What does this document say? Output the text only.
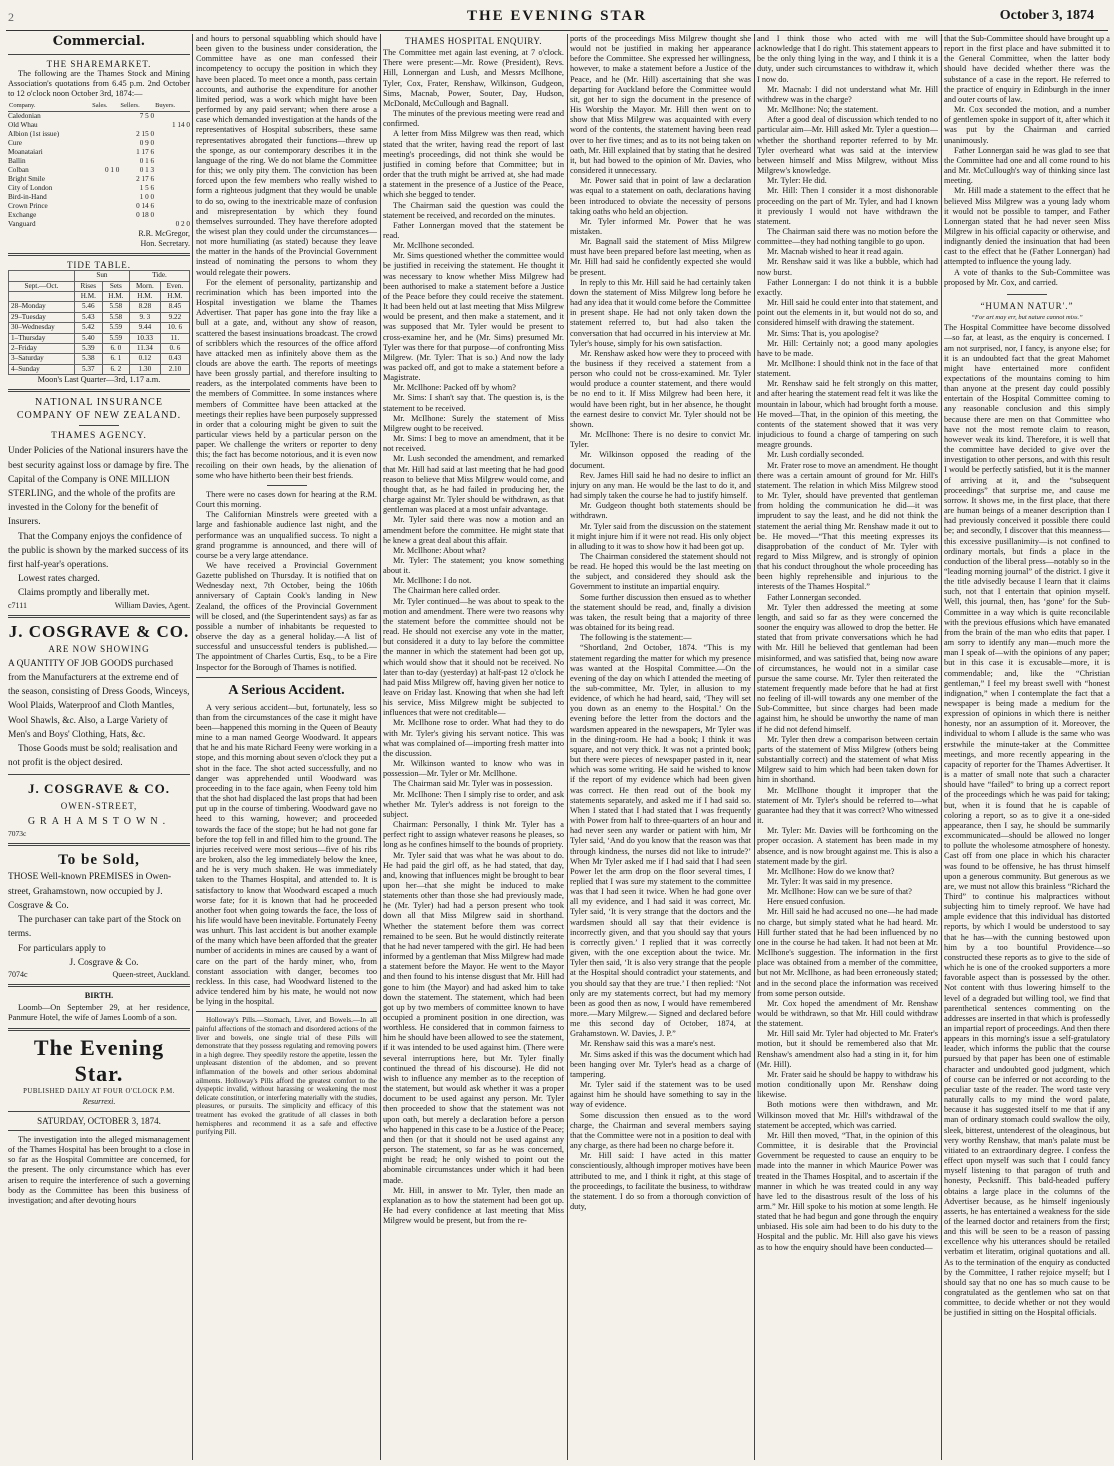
2	THE EVENING STAR	October 3, 1874
Commercial.
THE SHAREMARKET.

The following are the Thames Stock and Mining Association's quotations from 6.45 p.m. 2nd October to 12 o'clock noon October 3rd, 1874:—

Company.	Sales.	Sellers.	Buyers.
Caledonian		7 5 0	
Old Whau			1 14 0
Albion (1st issue)		2 15 0	
Cure		0 9 0	
Moanataiari		1 17 6	
Ballin		0 1 6	
Colban	0 1 0	0 1 3	
Bright Smile		2 17 6	
City of London		1 5 6	
Bird-in-Hand		1 0 0	
Crown Prince		0 14 6	
Exchange		0 18 0	
Vanguard			0 2 0
R.R. McGregor,
Hon. Secretary.
TIDE TABLE.
	Sun		Tide.	
Sept.—Oct.	Rises	Sets	Morn.	Even.
	H.M.	H.M.	H.M.	H.M.
28–Monday	5.46	5.58	8.28	8.45
29–Tuesday	5.43	5.58	9. 3	9.22
30–Wednesday	5.42	5.59	9.44	10. 6
1–Thursday	5.40	5.59	10.33	11.
2–Friday	5.39	6. 0	11.34	0. 6
3–Saturday	5.38	6. 1	0.12	0.43
4–Sunday	5.37	6. 2	1.30	2.10
Moon's Last Quarter—3rd, 1.17 a.m.
NATIONAL INSURANCE COMPANY OF NEW ZEALAND.
THAMES AGENCY.

Under Policies of the National insurers have the best security against loss or damage by fire. The Capital of the Company is ONE MILLION STERLING, and the whole of the profits are invested in the Colony for the benefit of Insurers.

That the Company enjoys the confidence of the public is shown by the marked success of its first half-year's operations.

Lowest rates charged.

Claims promptly and liberally met.

c7111	William Davies, Agent.
J. COSGRAVE & CO.
ARE NOW SHOWING

A QUANTITY OF JOB GOODS purchased from the Manufacturers at the extreme end of the season, consisting of Dress Goods, Winceys, Wool Plaids, Waterproof and Cloth Mantles, Wool Shawls, &c. Also, a Large Variety of Men's and Boys' Clothing, Hats, &c.

Those Goods must be sold; realisation and not profit is the object desired.

J. COSGRAVE & CO.
OWEN-STREET,
GRAHAMSTOWN.
7073c
To be Sold,

THOSE Well-known PREMISES in Owen-street, Grahamstown, now occupied by J. Cosgrave & Co.

The purchaser can take part of the Stock on terms.

For particulars apply to

J. Cosgrave & Co.

7074c	Queen-street, Auckland.
BIRTH.

Loomb—On September 29, at her residence, Panmure Hotel, the wife of James Loomb of a son.

The Evening Star.
PUBLISHED DAILY AT FOUR O'CLOCK P.M.
Resurrexi.
SATURDAY, OCTOBER 3, 1874.

The investigation into the alleged mismanagement of the Thames Hospital has been brought to a close in so far as the Hospital Committee are concerned, for the present. The only circumstance which has ever arisen to require the interference of such a governing body as the Committee has been this business of investigation; and after devoting hours

and hours to personal squabbling which should have been given to the business under consideration, the Committee have as one man confessed their incompetency to occupy the position in which they have been placed. To meet once a month, pass certain accounts, and authorise the expenditure for another limited period, was a work which might have been performed by any paid servant; when there arose a case which demanded investigation at the hands of the representatives of Hospital subscribers, these same representatives abrogated their functions—threw up the sponge, as our contemporary describes it in the language of the ring. We do not blame the Committee for this; we only pity them. The conviction has been forced upon the few members who really wished to form a righteous judgment that they would be unable to do so, owing to the inextricable maze of confusion and misrepresentation by which they found themselves surrounded. They have therefore adopted the wisest plan they could under the circumstances—not more humiliating (as stated) because they leave the matter in the hands of the Provincial Government instead of nominating the persons to whom they would relegate their powers.

For the element of personality, partizanship and recrimination which has been imported into the Hospital investigation we blame the Thames Advertiser. That paper has gone into the fray like a bull at a gate, and, without any show of reason, scattered the basest insinuations broadcast. The crowd of scribblers which the resources of the office afford have attacked men as infinitely above them as the clouds are above the earth. The reports of meetings have been grossly partial, and therefore insulting to readers, as the interpolated comments have been to the members of Committee. In some instances where members of Committee have been attacked at the meetings their replies have been purposely suppressed in order that a colouring might be given to suit the particular views held by a particular person on the paper. We challenge the writers or reporter to deny this; the fact has become notorious, and it is even now recoiling on their own heads, by the alienation of some who have hitherto been their best friends.

There were no cases down for hearing at the R.M. Court this morning.

The Californian Minstrels were greeted with a large and fashionable audience last night, and the performance was an unqualified success. To night a grand programme is announced, and there will of course be a very large attendance.

We have received a Provincial Government Gazette published on Thursday. It is notified that on Wednesday next, 7th October, being the 106th anniversary of Captain Cook's landing in New Zealand, the offices of the Provincial Government will be closed, and (the Superintendent says) as far as possible a number of inhabitants be requested to observe the day as a general holiday.—A list of successful and unsuccessful tenders is published.—The appointment of Charles Curtis, Esq., to be a Fire Inspector for the Borough of Thames is notified.

A Serious Accident.

A very serious accident—but, fortunately, less so than from the circumstances of the case it might have been—happened this morning in the Queen of Beauty mine to a man named George Woodward. It appears that he and his mate Richard Feeny were working in a stope, and this morning about seven o'clock they put a shot in the face. The shot acted successfully, and no danger was apprehended until Woodward was proceeding in to the face again, when Feeny told him that the shot had displaced the last props that had been put up in the course of timbering. Woodward gave no heed to this warning, however; and proceeded towards the face of the stope; but he had not gone far before the top fell in and filled him to the ground. The injuries received were most serious—five of his ribs are broken, also the leg immediately below the knee, and he is very much shaken. He was immediately taken to the Thames Hospital, and attended to. It is satisfactory to know that Woodward escaped a much worse fate; for it is known that had he proceeded another foot when going towards the face, the loss of his life would have been inevitable. Fortunately Feeny was unhurt. This last accident is but another example of the many which have been afforded that the greater number of accidents in mines are caused by a want of care on the part of the hardy miner, who, from constant association with danger, becomes too reckless. In this case, had Woodward listened to the advice tendered him by his mate, he would not now be lying in the hospital.

Holloway's Pills.—Stomach, Liver, and Bowels.—In all painful affections of the stomach and disordered actions of the liver and bowels, one single trial of these Pills will demonstrate that they possess regulating and removing powers in a high degree. They speedily restore the appetite, lessen the unpleasant distention of the abdomen, and so prevent inflammation of the bowels and other serious abdominal ailments. Holloway's Pills afford the greatest comfort to the dyspeptic invalid, without harassing or weakening the most delicate constitution, or interfering materially with the studies, pleasures, or pursuits. The simplicity and efficacy of this treatment has evoked the gratitude of all classes in both hemispheres and recommend it as a safe and effective purifying Pill.

THAMES HOSPITAL ENQUIRY.

The Committee met again last evening, at 7 o'clock. There were present:—Mr. Rowe (President), Revs. Hill, Lonnergan and Lush, and Messrs McIlhone, Tyler, Cox, Frater, Renshaw, Wilkinson, Gudgeon, Sims, Macnab, Power, Souter, Day, Hudson, McDonald, McCullough and Bagnall.

The minutes of the previous meeting were read and confirmed.

A letter from Miss Milgrew was then read, which stated that the writer, having read the report of last meeting's proceedings, did not think she would be justified in coming before that Committee; but in order that the truth might be arrived at, she had made a statement in the presence of a Justice of the Peace, which she begged to tender.

The Chairman said the question was could the statement be received, and recorded on the minutes.

Father Lonnergan moved that the statement be read.

Mr. McIlhone seconded.

Mr. Sims questioned whether the committee would be justified in receiving the statement. He thought it was necessary to know whether Miss Milgrew had been authorised to make a statement before a Justice of the Peace before they could receive the statement. It had been held out at last meeting that Miss Milgrew would be present, and then make a statement, and it was supposed that Mr. Tyler would be present to cross-examine her, and he (Mr. Sims) presumed Mr. Tyler was there for that purpose—of confronting Miss Milgrew. (Mr. Tyler: That is so.) And now the lady was packed off, and got to make a statement before a Magistrate.

Mr. McIlhone: Packed off by whom?

Mr. Sims: I shan't say that. The question is, is the statement to be received.

Mr. McIlhone: Surely the statement of Miss Milgrew ought to be received.

Mr. Sims: I beg to move an amendment, that it be not received.

Mr. Lush seconded the amendment, and remarked that Mr. Hill had said at last meeting that he had good reason to believe that Miss Milgrew would come, and thought that, as he had failed in producing her, the charge against Mr. Tyler should be withdrawn, as that gentleman was placed at a most unfair advantage.

Mr. Tyler said there was now a motion and an amendment before the committee. He might state that he knew a great deal about this affair.

Mr. McIlhone: About what?

Mr. Tyler: The statement; you know something about it.

Mr. McIlhone: I do not.

The Chairman here called order.

Mr. Tyler continued—he was about to speak to the motion and amendment. There were two reasons why the statement before the committee should not be read. He should not exercise any vote in the matter, but considered it a duty to lay before the committee the manner in which the statement had been got up, which would show that it should not be received. No later than to-day (yesterday) at half-past 12 o'clock he had paid Miss Milgrew off, having given her notice to leave on Friday last. Knowing that when she had left his service, Miss Milgrew might be subjected to influences that were not creditable—

Mr. McIlhone rose to order. What had they to do with Mr. Tyler's giving his servant notice. This was what was complained of—importing fresh matter into the discussion.

Mr. Wilkinson wanted to know who was in possession—Mr. Tyler or Mr. McIlhone.

The Chairman said Mr. Tyler was in possession.

Mr. McIlhone: Then I simply rise to order, and ask whether Mr. Tyler's address is not foreign to the subject.

Chairman: Personally, I think Mr. Tyler has a perfect right to assign whatever reasons he pleases, so long as he confines himself to the bounds of propriety.

Mr. Tyler said that was what he was about to do. He had paid the girl off, as he had stated, that day, and, knowing that influences might be brought to bear upon her—that she might be induced to make statements other than those she had previously made, he (Mr. Tyler) had had a person present who took down all that Miss Milgrew said in shorthand. Whether the statement before them was correct remained to be seen. But he would distinctly reiterate that he had never tampered with the girl. He had been informed by a gentleman that Miss Milgrew had made a statement before the Mayor. He went to the Mayor and then found to his intense disgust that Mr. Hill had gone to him (the Mayor) and had asked him to take down the statement. The statement, which had been got up by two members of committee known to have occupied a prominent position in one direction, was worthless. He considered that in common fairness to him he should have been allowed to see the statement, if it was intended to be used against him. (There were several interruptions here, but Mr. Tyler finally continued the thread of his discourse). He did not wish to influence any member as to the reception of the statement, but would ask whether it was a proper document to be used against any person. Mr. Tyler then proceeded to show that the statement was not upon oath, but merely a declaration before a person who happened in this case to be a Justice of the Peace; and then (or that it should not be used against any person. The statement, so far as he was concerned, might be read; he only wished to point out the abominable circumstances under which it had been made.

Mr. Hill, in answer to Mr. Tyler, then made an explanation as to how the statement had been got up. He had every confidence at last meeting that Miss Milgrew would be present, but from the re-

ports of the proceedings Miss Milgrew thought she would not be justified in making her appearance before the Committee. She expressed her willingness, however, to make a statement before a Justice of the Peace, and he (Mr. Hill) ascertaining that she was departing for Auckland before the Committee would sit, got her to sign the document in the presence of His Worship the Mayor. Mr. Hill then went on to show that Miss Milgrew was acquainted with every word of the contents, the statement having been read over to her five times; and as to its not being taken on oath, Mr. Hill explained that by stating that he desired it, but had bowed to the opinion of Mr. Davies, who considered it unnecessary.

Mr. Power said that in point of law a declaration was equal to a statement on oath, declarations having been introduced to obviate the necessity of persons taking oaths who held an objection.

Mr. Tyler informed Mr. Power that he was mistaken.

Mr. Bagnall said the statement of Miss Milgrew must have been prepared before last meeting, when as Mr. Hill had said he confidently expected she would be present.

In reply to this Mr. Hill said he had certainly taken down the statement of Miss Milgrew long before he had any idea that it would come before the Committee in present shape. He had not only taken down the statement referred to, but had also taken the conversation that had occurred in his interview at Mr. Tyler's house, simply for his own satisfaction.

Mr. Renshaw asked how were they to proceed with the business if they received a statement from a person who could not be cross-examined. Mr. Tyler would produce a counter statement, and there would be no end to it. If Miss Milgrew had been here, it would have been right, but in her absence, he thought the earnest desire to convict Mr. Tyler should not be shown.

Mr. McIlhone: There is no desire to convict Mr. Tyler.

Mr. Wilkinson opposed the reading of the document.

Rev. James Hill said he had no desire to inflict an injury on any man. He would be the last to do it, and had simply taken the course he had to justify himself.

Mr. Gudgeon thought both statements should be withdrawn.

Mr. Tyler said from the discussion on the statement it might injure him if it were not read. His only object in alluding to it was to show how it had been got up.

The Chairman considered the statement should not be read. He hoped this would be the last meeting on the subject, and considered they should ask the Government to institute an impartial enquiry.

Some further discussion then ensued as to whether the statement should be read, and, finally a division was taken, the result being that a majority of three was obtained for its being read.

The following is the statement:—

“Shortland, 2nd October, 1874. “This is my statement regarding the matter for which my presence was wanted at the Hospital Committee.—On the evening of the day on which I attended the meeting of the sub-committee, Mr. Tyler, in allusion to my evidence, of which he had heard, said, ‘They will set you down as an enemy to the Hospital.’ On the evening before the letter from the doctors and the wardsmen appeared in the newspapers, Mr Tyler was in the dining-room. He had a book; I think it was square, and not very thick. It was not a printed book; but there were pieces of newspaper pasted in it, near which was some writing. He said he wished to know if the report of my evidence which had been given was correct. He then read out of the book my statements separately, and asked me if I had said so. When I stated that I had stated that I was frequently with Power from half to three-quarters of an hour and had never seen any warder or patient with him, Mr Tyler said, ‘And do you know that the reason was that through kindness, the nurses did not like to intrude?’ When Mr Tyler asked me if I had said that I had seen Power let the arm drop on the floor several times, I replied that I was sure my statement to the committee was that I had seen it twice. When he had gone over all my evidence, and I had said it was correct, Mr. Tyler said, ‘It is very strange that the doctors and the wardsmen should all say that their evidence is incorrectly given, and that you should say that yours is correctly given.’ I replied that it was correctly given, with the one exception about the twice. Mr. Tyler then said, ‘It is also very strange that the people at the Hospital should contradict your statements, and you should say that they are true.’ I then replied: ‘Not only are my statements correct, but had my memory been as good then as now, I would have remembered more.—Mary Milgrew.— Signed and declared before me this second day of October, 1874, at Grahamstown. W. Davies, J. P.”

Mr. Renshaw said this was a mare's nest.

Mr. Sims asked if this was the document which had been hanging over Mr. Tyler's head as a charge of tampering.

Mr. Tyler said if the statement was to be used against him he should have something to say in the way of evidence.

Some discussion then ensued as to the word charge, the Chairman and several members saying that the Committee were not in a position to deal with any charge, as there had been no charge before it.

Mr. Hill said: I have acted in this matter conscientiously, although improper motives have been attributed to me, and I think it right, at this stage of the proceedings, to facilitate the business, to withdraw the statement. I do so from a thorough conviction of duty,

and I think those who acted with me will acknowledge that I do right. This statement appears to be the only thing lying in the way, and I think it is a duty, under such circumstances to withdraw it, which I now do.

Mr. Macnab: I did not understand what Mr. Hill withdrew was in the charge?

Mr. McIlhone: No; the statement.

After a good deal of discussion which tended to no particular aim—Mr. Hill asked Mr. Tyler a question—whether the shorthand reporter referred to by Mr. Tyler overheard what was said at the interview between himself and Miss Milgrew, without Miss Milgrew's knowledge.

Mr. Tyler: He did.

Mr. Hill: Then I consider it a most dishonorable proceeding on the part of Mr. Tyler, and had I known it previously I would not have withdrawn the statement.

The Chairman said there was no motion before the committee—they had nothing tangible to go upon.

Mr. Macnab wished to hear it read again.

Mr. Renshaw said it was like a bubble, which had now burst.

Father Lonnergan: I do not think it is a bubble exactly.

Mr. Hill said he could enter into that statement, and point out the elements in it, but would not do so, and considered himself with drawing the statement.

Mr. Sims: That is, you apologise?

Mr. Hill: Certainly not; a good many apologies have to be made.

Mr. McIlhone: I should think not in the face of that statement.

Mr. Renshaw said he felt strongly on this matter, and after hearing the statement read felt it was like the mountain in labour, which had brought forth a mouse. He moved—That, in the opinion of this meeting, the contents of the statement showed that it was very injudicious to found a charge of tampering on such meagre grounds.

Mr. Lush cordially seconded.

Mr. Frater rose to move an amendment. He thought there was a certain amount of ground for Mr. Hill's statement. The relation in which Miss Milgrew stood to Mr. Tyler, should have prevented that gentleman from holding the communication he did—it was imprudent to say the least, and he did not think the statement the aerial thing Mr. Renshaw made it out to be. He moved—“That this meeting expresses its disapprobation of the conduct of Mr. Tyler with regard to Miss Milgrew, and is strongly of opinion that his conduct throughout the whole proceeding has been highly reprehensible and injurious to the interests of the Thames Hospital.”

Father Lonnergan seconded.

Mr. Tyler then addressed the meeting at some length, and said so far as they were concerned the sooner the enquiry was allowed to drop the better. He stated that from private conversations which he had with Mr. Hill he believed that gentleman had been misinformed, and was satisfied that, being now aware of circumstances, he would not in a similar case pursue the same course. Mr. Tyler then reiterated the statement frequently made before that he had at first no feeling of ill-will towards any one member of the Sub-Committee, but since charges had been made against him, he should be unworthy the name of man if he did not defend himself.

Mr. Tyler then drew a comparison between certain parts of the statement of Miss Milgrew (others being substantially correct) and the statement of what Miss Milgrew said to him which had been taken down for him in shorthand.

Mr. McIlhone thought it improper that the statement of Mr. Tyler's should be referred to—what guarantee had they that it was correct? Who witnessed it.

Mr. Tyler: Mr. Davies will be forthcoming on the proper occasion. A statement has been made in my absence, and is now brought against me. This is also a statement made by the girl.

Mr. McIlhone: How do we know that?

Mr. Tyler: It was said in my presence.

Mr. McIlhone: How can we be sure of that?

Here ensued confusion.

Mr. Hill said he had accused no one—he had made no charge, but simply stated what he had heard. Mr. Hill further stated that he had been influenced by no one in the course he had taken. It had not been at Mr. McIlhone's suggestion. The information in the first place was obtained from a member of the committee, but not Mr. McIlhone, as had been erroneously stated; and in the second place the information was received from some person outside.

Mr. Cox hoped the amendment of Mr. Renshaw would be withdrawn, so that Mr. Hill could withdraw the statement.

Mr. Hill said Mr. Tyler had objected to Mr. Frater's motion, but it should be remembered also that Mr. Renshaw's amendment also had a sting in it, for him (Mr. Hill).

Mr. Frater said he should be happy to withdraw his motion conditionally upon Mr. Renshaw doing likewise.

Both motions were then withdrawn, and Mr. Wilkinson moved that Mr. Hill's withdrawal of the statement be accepted, which was carried.

Mr. Hill then moved, “That, in the opinion of this Committee, it is desirable that the Provincial Government be requested to cause an enquiry to be made into the manner in which Maurice Power was treated in the Thames Hospital, and to ascertain if the manner in which he was treated could in any way have led to the disastrous result of the loss of his arm.” Mr. Hill spoke to his motion at some length. He stated that he had begun and gone through the enquiry unbiased. His sole aim had been to do his duty to the Hospital and the public. Mr. Hill also gave his views as to how the enquiry should have been conducted—

that the Sub-Committee should have brought up a report in the first place and have submitted it to the General Committee, when the latter body should have decided whether there was the substance of a case in the report. He referred to the practice of enquiry in Edinburgh in the inner and outer courts of law.

Mr. Cox seconded the motion, and a number of gentlemen spoke in support of it, after which it was put by the Chairman and carried unanimously.

Father Lonnergan said he was glad to see that the Committee had one and all come round to his and Mr. McCullough's way of thinking since last meeting.

Mr. Hill made a statement to the effect that he believed Miss Milgrew was a young lady whom it would not be possible to tamper, and Father Lonnergan stated that he had never seen Miss Milgrew in his official capacity or otherwise, and indignantly denied the insinuation that had been cast to the effect that he (Father Lonnergan) had attempted to influence the young lady.

A vote of thanks to the Sub-Committee was proposed by Mr. Cox, and carried.

“HUMAN NATUR'.”
“For art may err, but nature cannot miss.”

The Hospital Committee have become dissolved—so far, at least, as the enquiry is concerned. I am not surprised, nor, I fancy, is anyone else; for it is an undoubted fact that the great Mahomet might have entertained more confident expectations of the mountains coming to him than anyone at the present day could possibly entertain of the Hospital Committee coming to any reasonable conclusion and this simply because there are men on that Committee who have not the most remote claim to reason, however weak its kind. Therefore, it is well that the committee have decided to give over the investigation to other persons, and with this result I would be perfectly satisfied, but it is the manner of arriving at it, and the “subsequent proceedings” that surprise me, and cause me sorrow. It shows me, in the first place, that there are human beings of a meaner description than I had previously conceived it possible there could be; and secondly, I discover that this meanness—this excessive pusillanimity—is not confined to ordinary mortals, but finds a place in the conduction of the liberal press—notably so in the “leading morning journal” of the district. I give it the title advisedly because I learn that it claims such, not that I entertain that opinion myself. Well, this journal, then, has ‘gone’ for the Sub-Committee in a way which is quite reconcilable with the previous effusions which have emanated from the brain of the man who edits that paper. I am sorry to identify any man—much more the man I speak of—with the opinions of any paper; but in this case it is excusable—more, it is commendable; and, like the “Christian gentleman,” I feel my breast swell with “honest indignation,” when I contemplate the fact that a newspaper is being made a medium for the expression of opinions in which there is neither honesty, nor an assumption of it. Moreover, the individual to whom I allude is the same who was erstwhile the minute-taker at the Committee meetings, and more recently appearing in the capacity of reporter for the Thames Advertiser. It is a matter of small note that such a character should have “failed” to bring up a correct report of the proceedings which he was paid for taking; but, when it is found that he is capable of coloring a report, so as to give it a one-sided appearance, then I say, he should be summarily excommunicated—should be allowed no longer to pollute the wholesome atmosphere of honesty. Cast off from one place in which his character was found to be offensive, he has thrust himself upon a generous community. But generous as we are, we must not allow this brainless “Richard the Third” to continue his malpractices without subjecting him to timely reproof. We have had ample evidence that this individual has distorted reports, by which I would be understood to say that he has—with the cunning bestowed upon him by a too bountiful Providence—so constructed these reports as to give to the side of which he is one of the crooked supporters a more favorable aspect than is possessed by the other. Not content with thus lowering himself to the level of a degraded but willing tool, we find that parenthetical sentences commenting on the addresses are inserted in that which is professedly an impartial report of proceedings. And then there appears in this morning's issue a self-gratulatory leader, which informs the public that the course pursued by that paper has been one of estimable character and undoubted good judgment, which of course can be inferred or not according to the peculiar taste of the reader. The word taste very naturally calls to my mind the word palate, because it has suggested itself to me that if any man of ordinary stomach could swallow the oily, sleek, bitterest, untenderest of the oleaginous, but very worthy Renshaw, that man's palate must be vitiated to an extraordinary degree. I confess the effect upon myself was such that I could fancy myself listening to that paragon of truth and honesty, Pecksniff. This bald-headed puffery obtains a large place in the columns of the Advertiser because, as he himself ingeniously asserts, he has entertained a weakness for the side of the learned doctor and retainers from the first; and this will be seen to be a reason of passing excellence why his utterances should be retailed verbatim et literatim, original quotations and all. As to the termination of the enquiry as conducted by the Committee, I rather rejoice myself; but I should say that no one has so much cause to be congratulated as the gentlemen who sat on that committee, to decide whether or not they would be justified in sitting on the Hospital officials.
